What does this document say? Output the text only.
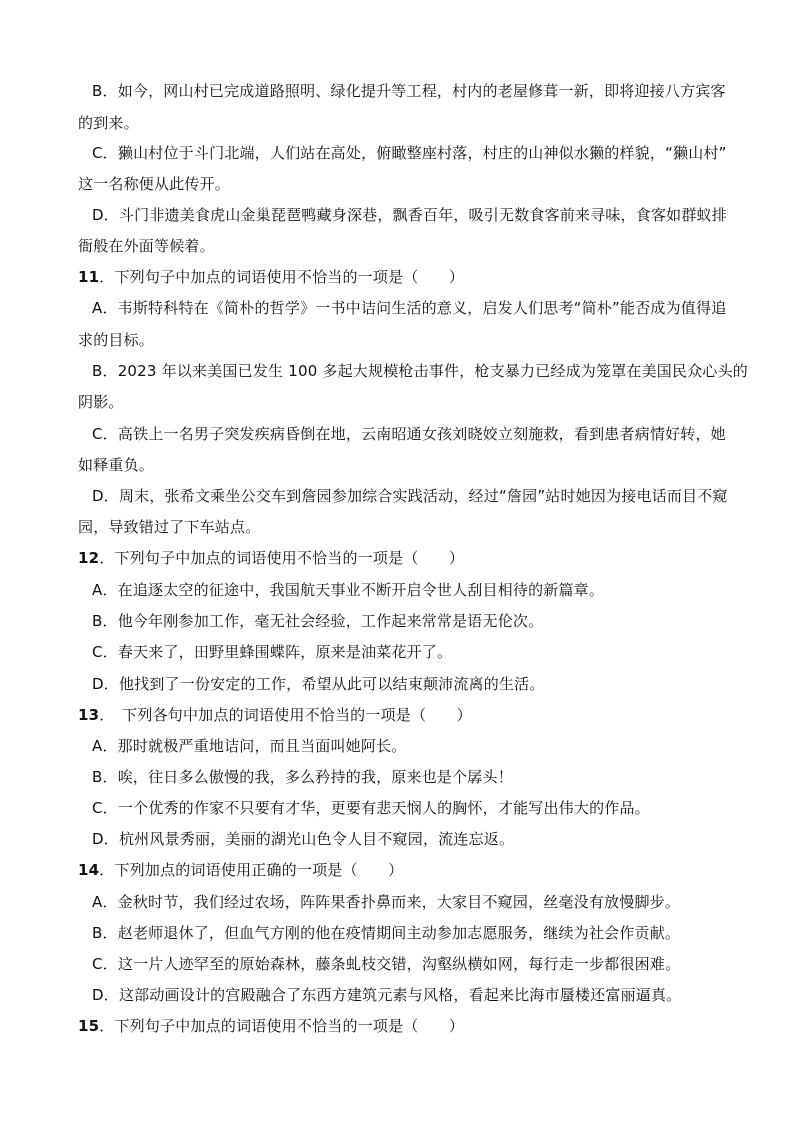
B．如今，网山村已完成道路照明、绿化提升等工程，村内的老屋修葺一新，即将迎接八方宾客
的到来。
C．獭山村位于斗门北端，人们站在高处，俯瞰整座村落，村庄的山神似水獭的样貌，“獭山村”
这一名称便从此传开。
D．斗门非遗美食虎山金巢琵琶鸭藏身深巷，飘香百年，吸引无数食客前来寻味，食客如群蚁排
衙般在外面等候着。
11．下列句子中加点的词语使用不恰当的一项是（　　）
A．韦斯特科特在《简朴的哲学》一书中诘问生活的意义，启发人们思考“简朴”能否成为值得追
求的目标。
B．2023 年以来美国已发生 100 多起大规模枪击事件，枪支暴力已经成为笼罩在美国民众心头的
阴影。
C．高铁上一名男子突发疾病昏倒在地，云南昭通女孩刘晓姣立刻施救，看到患者病情好转，她
如释重负。
D．周末，张希文乘坐公交车到詹园参加综合实践活动，经过“詹园”站时她因为接电话而目不窥
园，导致错过了下车站点。
12．下列句子中加点的词语使用不恰当的一项是（　　）
A．在追逐太空的征途中，我国航天事业不断开启令世人刮目相待的新篇章。
B．他今年刚参加工作，毫无社会经验，工作起来常常是语无伦次。
C．春天来了，田野里蜂围蝶阵，原来是油菜花开了。
D．他找到了一份安定的工作，希望从此可以结束颠沛流离的生活。
13．　下列各句中加点的词语使用不恰当的一项是（　　）
A．那时就极严重地诘问，而且当面叫她阿长。
B．唉，往日多么傲慢的我，多么矜持的我，原来也是个孱头！
C．一个优秀的作家不只要有才华，更要有悲天悯人的胸怀，才能写出伟大的作品。
D．杭州风景秀丽，美丽的湖光山色令人目不窥园，流连忘返。
14．下列加点的词语使用正确的一项是（　　）
A．金秋时节，我们经过农场，阵阵果香扑鼻而来，大家目不窥园，丝毫没有放慢脚步。
B．赵老师退休了，但血气方刚的他在疫情期间主动参加志愿服务，继续为社会作贡献。
C．这一片人迹罕至的原始森林，藤条虬枝交错，沟壑纵横如网，每行走一步都很困难。
D．这部动画设计的宫殿融合了东西方建筑元素与风格，看起来比海市蜃楼还富丽逼真。
15．下列句子中加点的词语使用不恰当的一项是（　　）
